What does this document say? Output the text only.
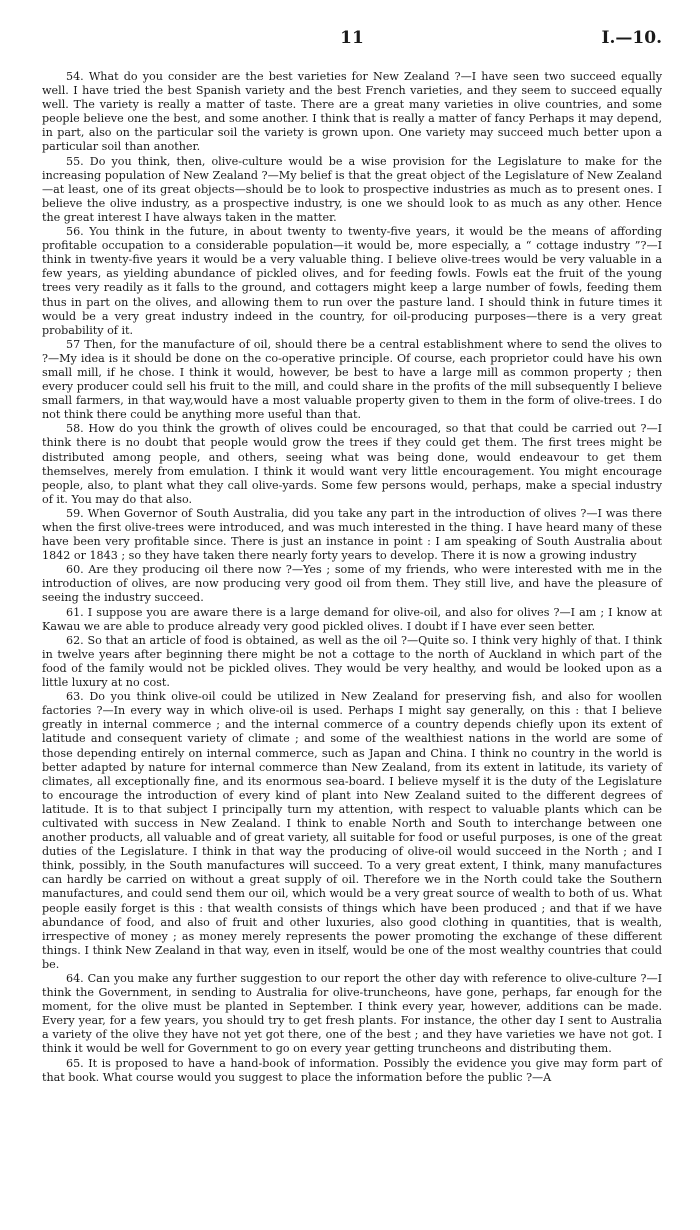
11	I.—10.

54. What do you consider are the best varieties for New Zealand ?—I have seen two succeed equally well. I have tried the best Spanish variety and the best French varieties, and they seem to succeed equally well. The variety is really a matter of taste. There are a great many varieties in olive countries, and some people believe one the best, and some another. I think that is really a matter of fancy Perhaps it may depend, in part, also on the particular soil the variety is grown upon. One variety may succeed much better upon a particular soil than another.

55. Do you think, then, olive-culture would be a wise provision for the Legislature to make for the increasing population of New Zealand ?—My belief is that the great object of the Legislature of New Zealand—at least, one of its great objects—should be to look to prospective industries as much as to present ones. I believe the olive industry, as a prospective industry, is one we should look to as much as any other. Hence the great interest I have always taken in the matter.

56. You think in the future, in about twenty to twenty-five years, it would be the means of affording profitable occupation to a considerable population—it would be, more especially, a “ cottage industry ”?—I think in twenty-five years it would be a very valuable thing. I believe olive-trees would be very valuable in a few years, as yielding abundance of pickled olives, and for feeding fowls. Fowls eat the fruit of the young trees very readily as it falls to the ground, and cottagers might keep a large number of fowls, feeding them thus in part on the olives, and allowing them to run over the pasture land. I should think in future times it would be a very great industry indeed in the country, for oil-producing purposes—there is a very great probability of it.

57 Then, for the manufacture of oil, should there be a central establishment where to send the olives to ?—My idea is it should be done on the co-operative principle. Of course, each proprietor could have his own small mill, if he chose. I think it would, however, be best to have a large mill as common property ; then every producer could sell his fruit to the mill, and could share in the profits of the mill subsequently I believe small farmers, in that way,would have a most valuable property given to them in the form of olive-trees. I do not think there could be anything more useful than that.

58. How do you think the growth of olives could be encouraged, so that that could be carried out ?—I think there is no doubt that people would grow the trees if they could get them. The first trees might be distributed among people, and others, seeing what was being done, would endeavour to get them themselves, merely from emulation. I think it would want very little encouragement. You might encourage people, also, to plant what they call olive-yards. Some few persons would, perhaps, make a special industry of it. You may do that also.

59. When Governor of South Australia, did you take any part in the introduction of olives ?—I was there when the first olive-trees were introduced, and was much interested in the thing. I have heard many of these have been very profitable since. There is just an instance in point : I am speaking of South Australia about 1842 or 1843 ; so they have taken there nearly forty years to develop. There it is now a growing industry

60. Are they producing oil there now ?—Yes ; some of my friends, who were interested with me in the introduction of olives, are now producing very good oil from them. They still live, and have the pleasure of seeing the industry succeed.

61. I suppose you are aware there is a large demand for olive-oil, and also for olives ?—I am ; I know at Kawau we are able to produce already very good pickled olives. I doubt if I have ever seen better.

62. So that an article of food is obtained, as well as the oil ?—Quite so. I think very highly of that. I think in twelve years after beginning there might be not a cottage to the north of Auckland in which part of the food of the family would not be pickled olives. They would be very healthy, and would be looked upon as a little luxury at no cost.

63. Do you think olive-oil could be utilized in New Zealand for preserving fish, and also for woollen factories ?—In every way in which olive-oil is used. Perhaps I might say generally, on this : that I believe greatly in internal commerce ; and the internal commerce of a country depends chiefly upon its extent of latitude and consequent variety of climate ; and some of the wealthiest nations in the world are some of those depending entirely on internal commerce, such as Japan and China. I think no country in the world is better adapted by nature for internal commerce than New Zealand, from its extent in latitude, its variety of climates, all exceptionally fine, and its enormous sea-board. I believe myself it is the duty of the Legislature to encourage the introduction of every kind of plant into New Zealand suited to the different degrees of latitude. It is to that subject I principally turn my attention, with respect to valuable plants which can be cultivated with success in New Zealand. I think to enable North and South to interchange between one another products, all valuable and of great variety, all suitable for food or useful purposes, is one of the great duties of the Legislature. I think in that way the producing of olive-oil would succeed in the North ; and I think, possibly, in the South manufactures will succeed. To a very great extent, I think, many manufactures can hardly be carried on without a great supply of oil. Therefore we in the North could take the Southern manufactures, and could send them our oil, which would be a very great source of wealth to both of us. What people easily forget is this : that wealth consists of things which have been produced ; and that if we have abundance of food, and also of fruit and other luxuries, also good clothing in quantities, that is wealth, irrespective of money ; as money merely represents the power promoting the exchange of these different things. I think New Zealand in that way, even in itself, would be one of the most wealthy countries that could be.

64. Can you make any further suggestion to our report the other day with reference to olive-culture ?—I think the Government, in sending to Australia for olive-truncheons, have gone, perhaps, far enough for the moment, for the olive must be planted in September. I think every year, however, additions can be made. Every year, for a few years, you should try to get fresh plants. For instance, the other day I sent to Australia a variety of the olive they have not yet got there, one of the best ; and they have varieties we have not got. I think it would be well for Government to go on every year getting truncheons and distributing them.

65. It is proposed to have a hand-book of information. Possibly the evidence you give may form part of that book. What course would you suggest to place the information before the public ?—A
